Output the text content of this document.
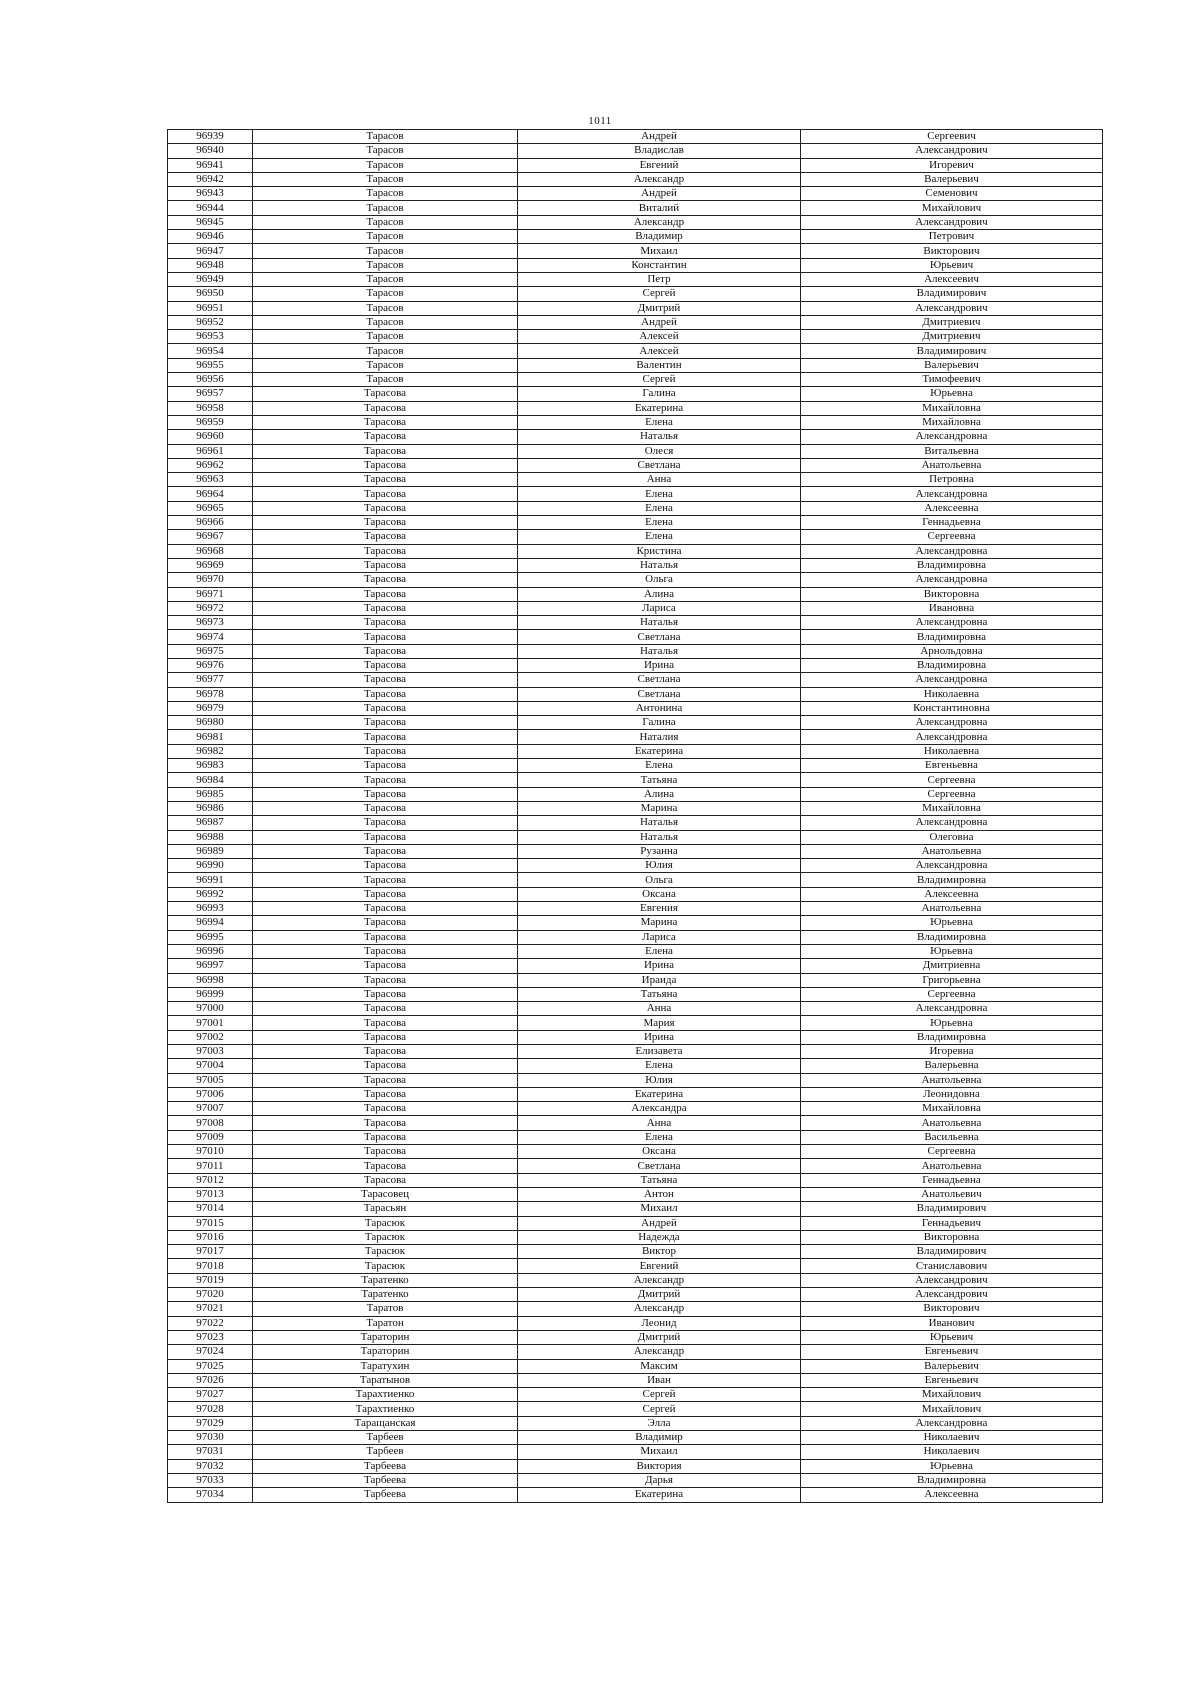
1011
96939	Тарасов	Андрей	Сергеевич
96940	Тарасов	Владислав	Александрович
96941	Тарасов	Евгений	Игоревич
96942	Тарасов	Александр	Валерьевич
96943	Тарасов	Андрей	Семенович
96944	Тарасов	Виталий	Михайлович
96945	Тарасов	Александр	Александрович
96946	Тарасов	Владимир	Петрович
96947	Тарасов	Михаил	Викторович
96948	Тарасов	Константин	Юрьевич
96949	Тарасов	Петр	Алексеевич
96950	Тарасов	Сергей	Владимирович
96951	Тарасов	Дмитрий	Александрович
96952	Тарасов	Андрей	Дмитриевич
96953	Тарасов	Алексей	Дмитриевич
96954	Тарасов	Алексей	Владимирович
96955	Тарасов	Валентин	Валерьевич
96956	Тарасов	Сергей	Тимофеевич
96957	Тарасова	Галина	Юрьевна
96958	Тарасова	Екатерина	Михайловна
96959	Тарасова	Елена	Михайловна
96960	Тарасова	Наталья	Александровна
96961	Тарасова	Олеся	Витальевна
96962	Тарасова	Светлана	Анатольевна
96963	Тарасова	Анна	Петровна
96964	Тарасова	Елена	Александровна
96965	Тарасова	Елена	Алексеевна
96966	Тарасова	Елена	Геннадьевна
96967	Тарасова	Елена	Сергеевна
96968	Тарасова	Кристина	Александровна
96969	Тарасова	Наталья	Владимировна
96970	Тарасова	Ольга	Александровна
96971	Тарасова	Алина	Викторовна
96972	Тарасова	Лариса	Ивановна
96973	Тарасова	Наталья	Александровна
96974	Тарасова	Светлана	Владимировна
96975	Тарасова	Наталья	Арнольдовна
96976	Тарасова	Ирина	Владимировна
96977	Тарасова	Светлана	Александровна
96978	Тарасова	Светлана	Николаевна
96979	Тарасова	Антонина	Константиновна
96980	Тарасова	Галина	Александровна
96981	Тарасова	Наталия	Александровна
96982	Тарасова	Екатерина	Николаевна
96983	Тарасова	Елена	Евгеньевна
96984	Тарасова	Татьяна	Сергеевна
96985	Тарасова	Алина	Сергеевна
96986	Тарасова	Марина	Михайловна
96987	Тарасова	Наталья	Александровна
96988	Тарасова	Наталья	Олеговна
96989	Тарасова	Рузанна	Анатольевна
96990	Тарасова	Юлия	Александровна
96991	Тарасова	Ольга	Владимировна
96992	Тарасова	Оксана	Алексеевна
96993	Тарасова	Евгения	Анатольевна
96994	Тарасова	Марина	Юрьевна
96995	Тарасова	Лариса	Владимировна
96996	Тарасова	Елена	Юрьевна
96997	Тарасова	Ирина	Дмитриевна
96998	Тарасова	Ираида	Григорьевна
96999	Тарасова	Татьяна	Сергеевна
97000	Тарасова	Анна	Александровна
97001	Тарасова	Мария	Юрьевна
97002	Тарасова	Ирина	Владимировна
97003	Тарасова	Елизавета	Игоревна
97004	Тарасова	Елена	Валерьевна
97005	Тарасова	Юлия	Анатольевна
97006	Тарасова	Екатерина	Леонидовна
97007	Тарасова	Александра	Михайловна
97008	Тарасова	Анна	Анатольевна
97009	Тарасова	Елена	Васильевна
97010	Тарасова	Оксана	Сергеевна
97011	Тарасова	Светлана	Анатольевна
97012	Тарасова	Татьяна	Геннадьевна
97013	Тарасовец	Антон	Анатольевич
97014	Тарасьян	Михаил	Владимирович
97015	Тарасюк	Андрей	Геннадьевич
97016	Тарасюк	Надежда	Викторовна
97017	Тарасюк	Виктор	Владимирович
97018	Тарасюк	Евгений	Станиславович
97019	Таратенко	Александр	Александрович
97020	Таратенко	Дмитрий	Александрович
97021	Таратов	Александр	Викторович
97022	Таратон	Леонид	Иванович
97023	Тараторин	Дмитрий	Юрьевич
97024	Тараторин	Александр	Евгеньевич
97025	Таратухин	Максим	Валерьевич
97026	Таратынов	Иван	Евгеньевич
97027	Тарахтиенко	Сергей	Михайлович
97028	Тарахтиенко	Сергей	Михайлович
97029	Таращанская	Элла	Александровна
97030	Тарбеев	Владимир	Николаевич
97031	Тарбеев	Михаил	Николаевич
97032	Тарбеева	Виктория	Юрьевна
97033	Тарбеева	Дарья	Владимировна
97034	Тарбеева	Екатерина	Алексеевна
